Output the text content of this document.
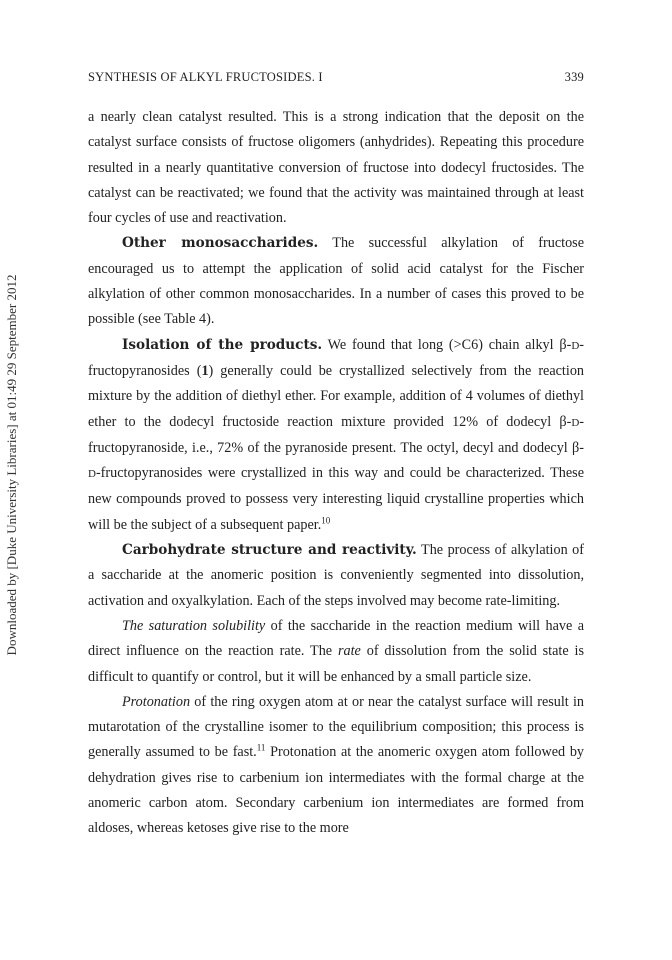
Downloaded by [Duke University Libraries] at 01:49 29 September 2012
SYNTHESIS OF ALKYL FRUCTOSIDES. I	339

a nearly clean catalyst resulted. This is a strong indication that the deposit on the catalyst surface consists of fructose oligomers (anhydrides). Repeating this procedure resulted in a nearly quantitative conversion of fructose into dodecyl fructosides. The catalyst can be reactivated; we found that the activity was maintained through at least four cycles of use and reactivation.

Other monosaccharides. The successful alkylation of fructose encouraged us to attempt the application of solid acid catalyst for the Fischer alkylation of other common monosaccharides. In a number of cases this proved to be possible (see Table 4).

Isolation of the products. We found that long (>C6) chain alkyl β-D-fructopyranosides (1) generally could be crystallized selectively from the reaction mixture by the addition of diethyl ether. For example, addition of 4 volumes of diethyl ether to the dodecyl fructoside reaction mixture provided 12% of dodecyl β-D-fructopyranoside, i.e., 72% of the pyranoside present. The octyl, decyl and dodecyl β-D-fructopyranosides were crystallized in this way and could be characterized. These new compounds proved to possess very interesting liquid crystalline properties which will be the subject of a subsequent paper.$^{10}$

Carbohydrate structure and reactivity. The process of alkylation of a saccharide at the anomeric position is conveniently segmented into dissolution, activation and oxyalkylation. Each of the steps involved may become rate-limiting.

The saturation solubility of the saccharide in the reaction medium will have a direct influence on the reaction rate. The rate of dissolution from the solid state is difficult to quantify or control, but it will be enhanced by a small particle size.

Protonation of the ring oxygen atom at or near the catalyst surface will result in mutarotation of the crystalline isomer to the equilibrium composition; this process is generally assumed to be fast.$^{11}$ Protonation at the anomeric oxygen atom followed by dehydration gives rise to carbenium ion intermediates with the formal charge at the anomeric carbon atom. Secondary carbenium ion intermediates are formed from aldoses, whereas ketoses give rise to the more
